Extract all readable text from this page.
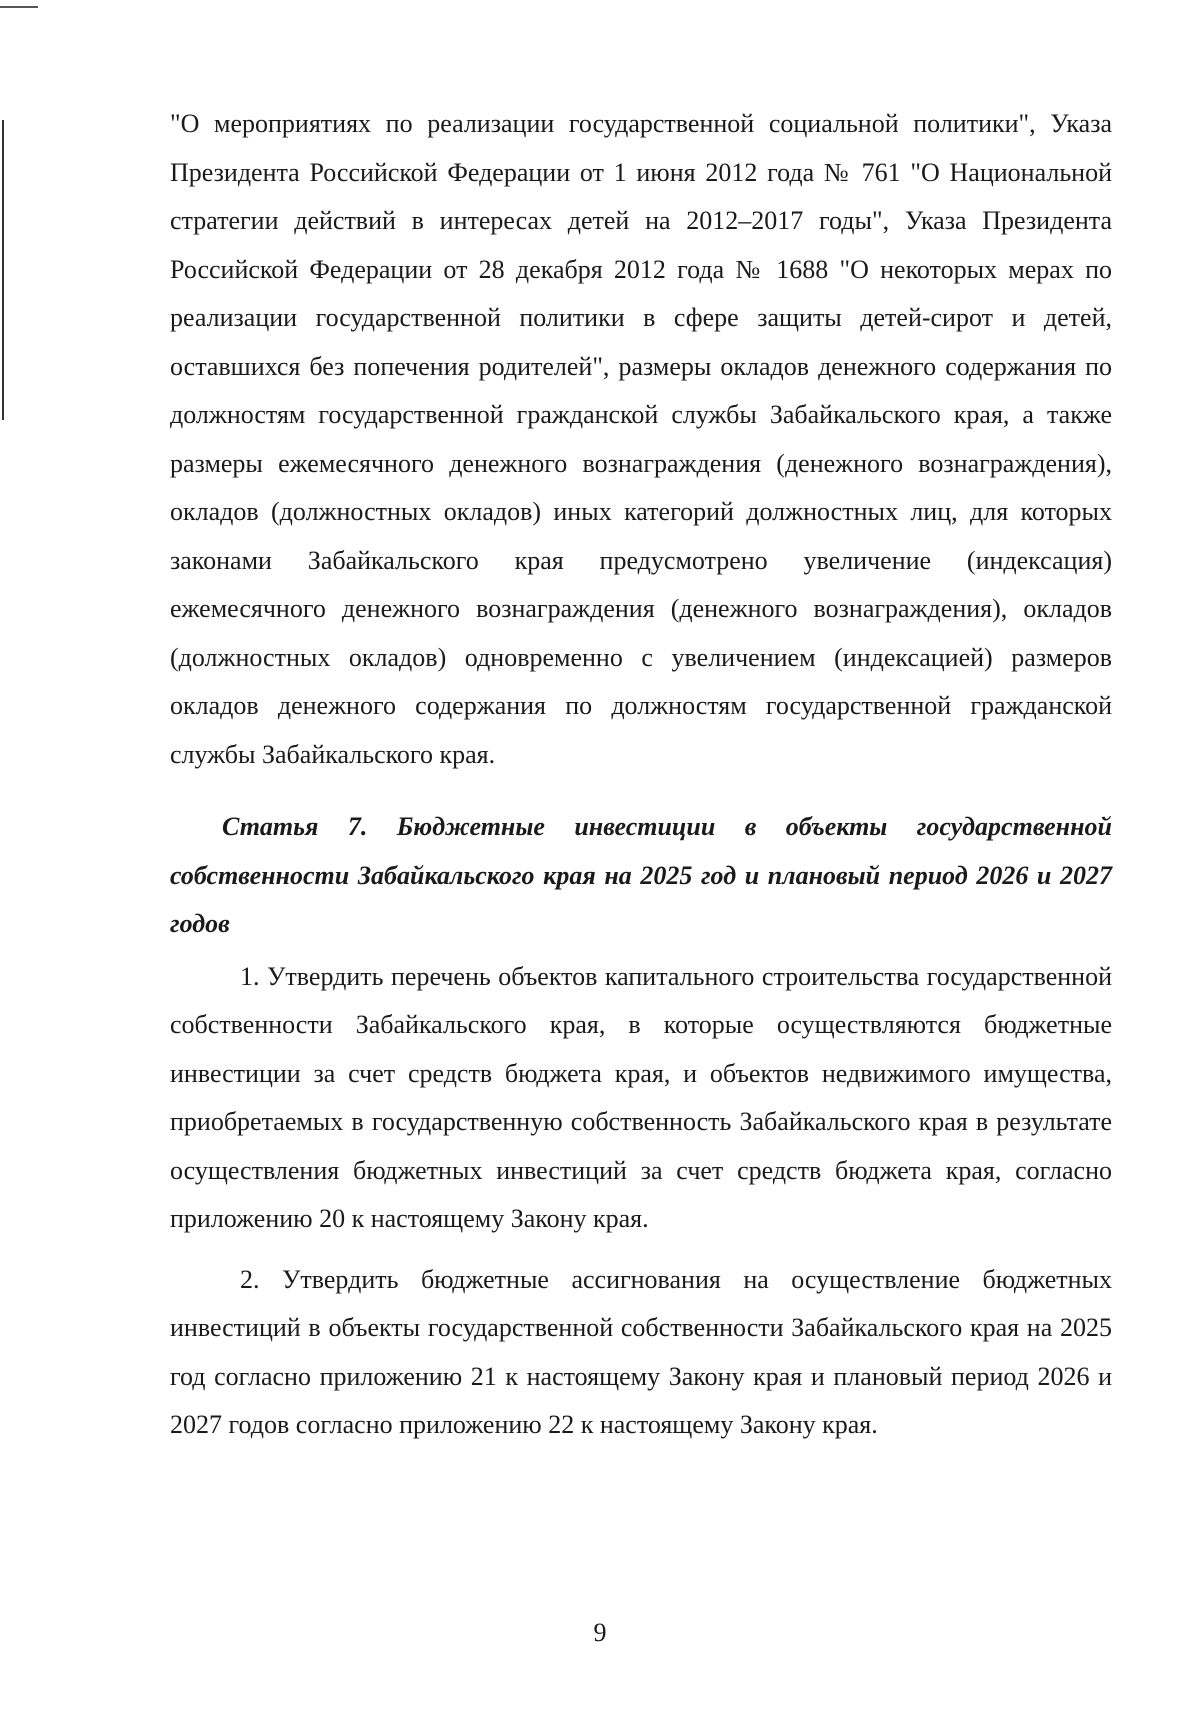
"О мероприятиях по реализации государственной социальной политики", Указа Президента Российской Федерации от 1 июня 2012 года № 761 "О Национальной стратегии действий в интересах детей на 2012–2017 годы", Указа Президента Российской Федерации от 28 декабря 2012 года № 1688 "О некоторых мерах по реализации государственной политики в сфере защиты детей-сирот и детей, оставшихся без попечения родителей", размеры окладов денежного содержания по должностям государственной гражданской службы Забайкальского края, а также размеры ежемесячного денежного вознаграждения (денежного вознаграждения), окладов (должностных окладов) иных категорий должностных лиц, для которых законами Забайкальского края предусмотрено увеличение (индексация) ежемесячного денежного вознаграждения (денежного вознаграждения), окладов (должностных окладов) одновременно с увеличением (индексацией) размеров окладов денежного содержания по должностям государственной гражданской службы Забайкальского края.

Статья 7. Бюджетные инвестиции в объекты государственной собственности Забайкальского края на 2025 год и плановый период 2026 и 2027 годов

1. Утвердить перечень объектов капитального строительства государственной собственности Забайкальского края, в которые осуществляются бюджетные инвестиции за счет средств бюджета края, и объектов недвижимого имущества, приобретаемых в государственную собственность Забайкальского края в результате осуществления бюджетных инвестиций за счет средств бюджета края, согласно приложению 20 к настоящему Закону края.

2. Утвердить бюджетные ассигнования на осуществление бюджетных инвестиций в объекты государственной собственности Забайкальского края на 2025 год согласно приложению 21 к настоящему Закону края и плановый период 2026 и 2027 годов согласно приложению 22 к настоящему Закону края.

9
